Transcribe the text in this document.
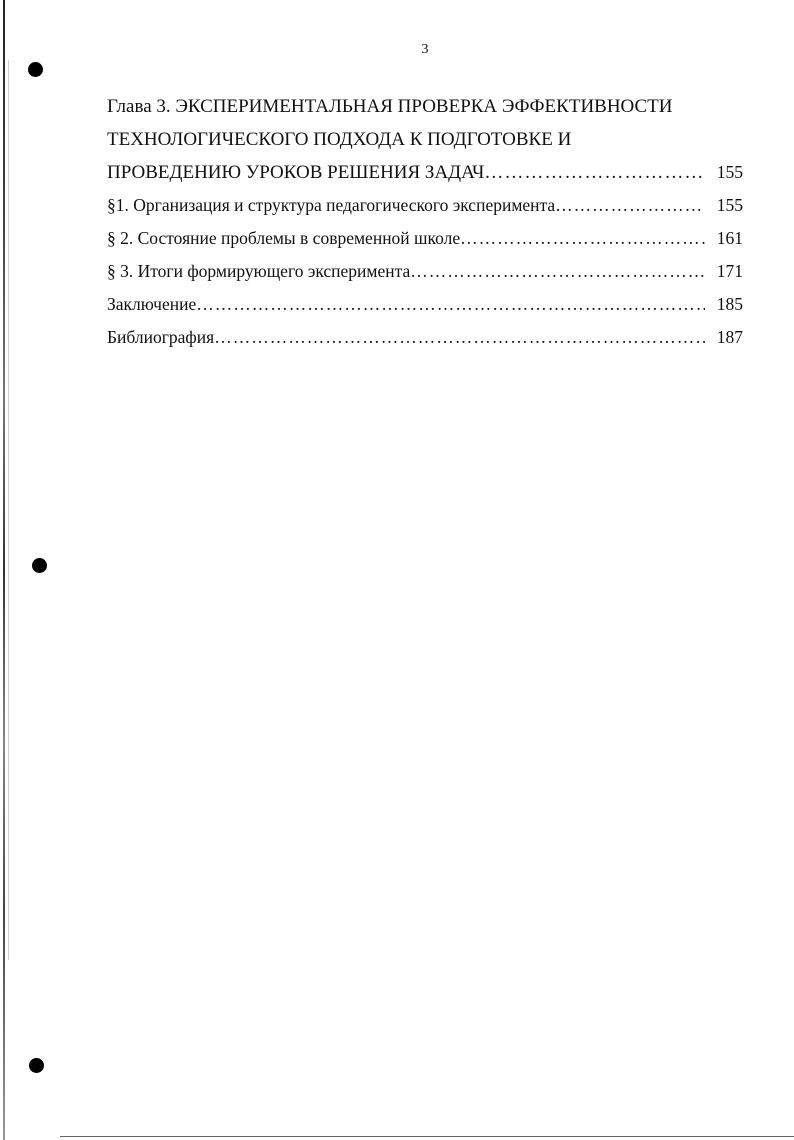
3
Глава 3. ЭКСПЕРИМЕНТАЛЬНАЯ ПРОВЕРКА ЭФФЕКТИВНОСТИ
ТЕХНОЛОГИЧЕСКОГО ПОДХОДА К ПОДГОТОВКЕ И
ПРОВЕДЕНИЮ УРОКОВ РЕШЕНИЯ ЗАДАЧ ……………………………………………………………………………………………………………………………………………………	155
§1. Организация и структура педагогического эксперимента ……………………………………………………………………………………………………………………………………………………	155
§ 2. Состояние проблемы в современной школе ……………………………………………………………………………………………………………………………………………………	161
§ 3. Итоги формирующего эксперимента ……………………………………………………………………………………………………………………………………………………	171
Заключение ……………………………………………………………………………………………………………………………………………………	185
Библиография ……………………………………………………………………………………………………………………………………………………	187
